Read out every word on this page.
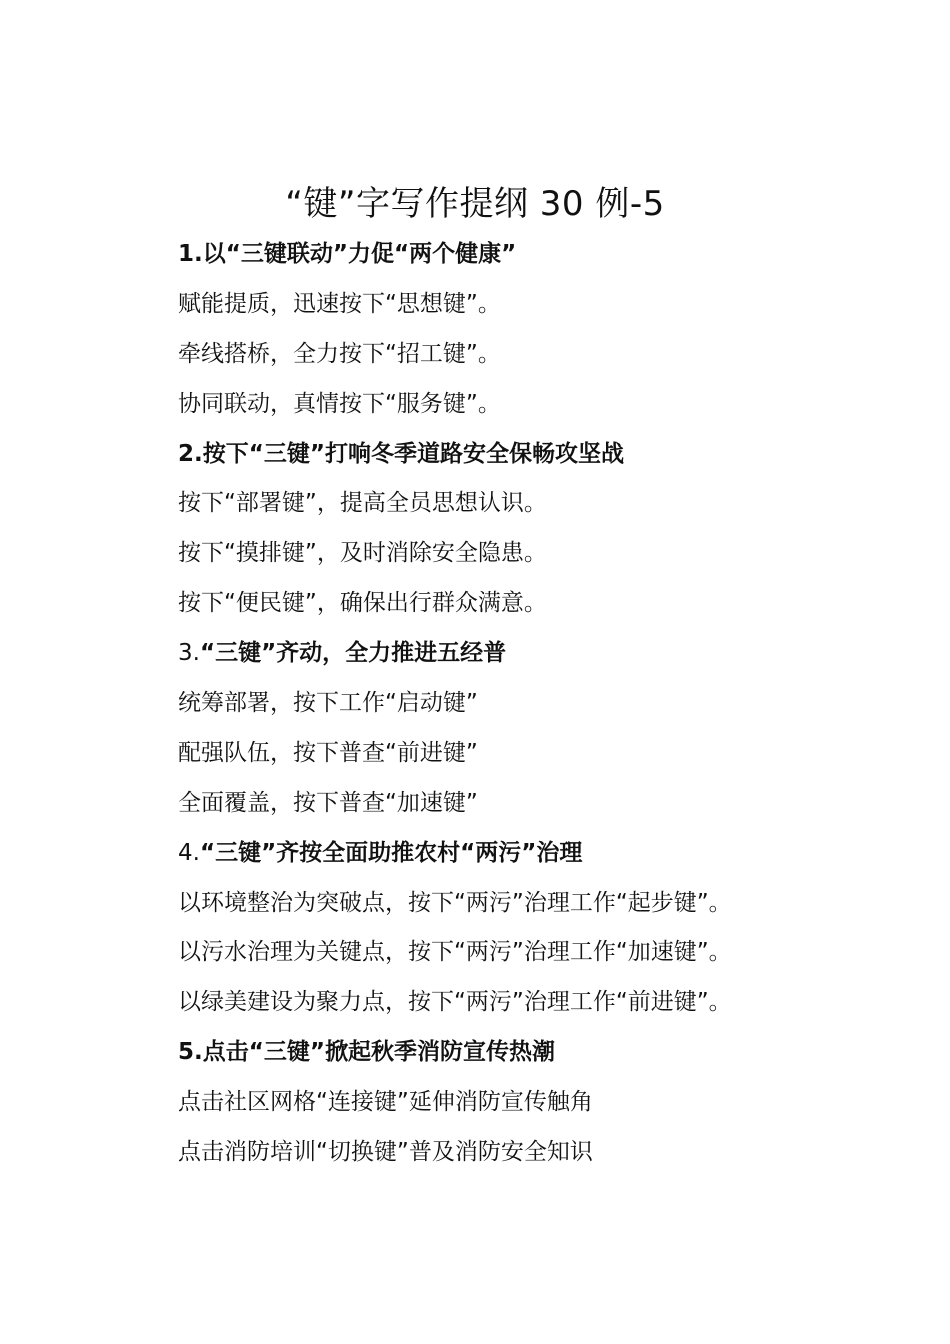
“键”字写作提纲 30 例-5
1.以“三键联动”力促“两个健康”
赋能提质，迅速按下“思想键”。
牵线搭桥，全力按下“招工键”。
协同联动，真情按下“服务键”。
2.按下“三键”打响冬季道路安全保畅攻坚战
按下“部署键”，提高全员思想认识。
按下“摸排键”，及时消除安全隐患。
按下“便民键”，确保出行群众满意。
3.“三键”齐动，全力推进五经普
统筹部署，按下工作“启动键”
配强队伍，按下普查“前进键”
全面覆盖，按下普查“加速键”
4.“三键”齐按全面助推农村“两污”治理
以环境整治为突破点，按下“两污”治理工作“起步键”。
以污水治理为关键点，按下“两污”治理工作“加速键”。
以绿美建设为聚力点，按下“两污”治理工作“前进键”。
5.点击“三键”掀起秋季消防宣传热潮
点击社区网格“连接键”延伸消防宣传触角
点击消防培训“切换键”普及消防安全知识
